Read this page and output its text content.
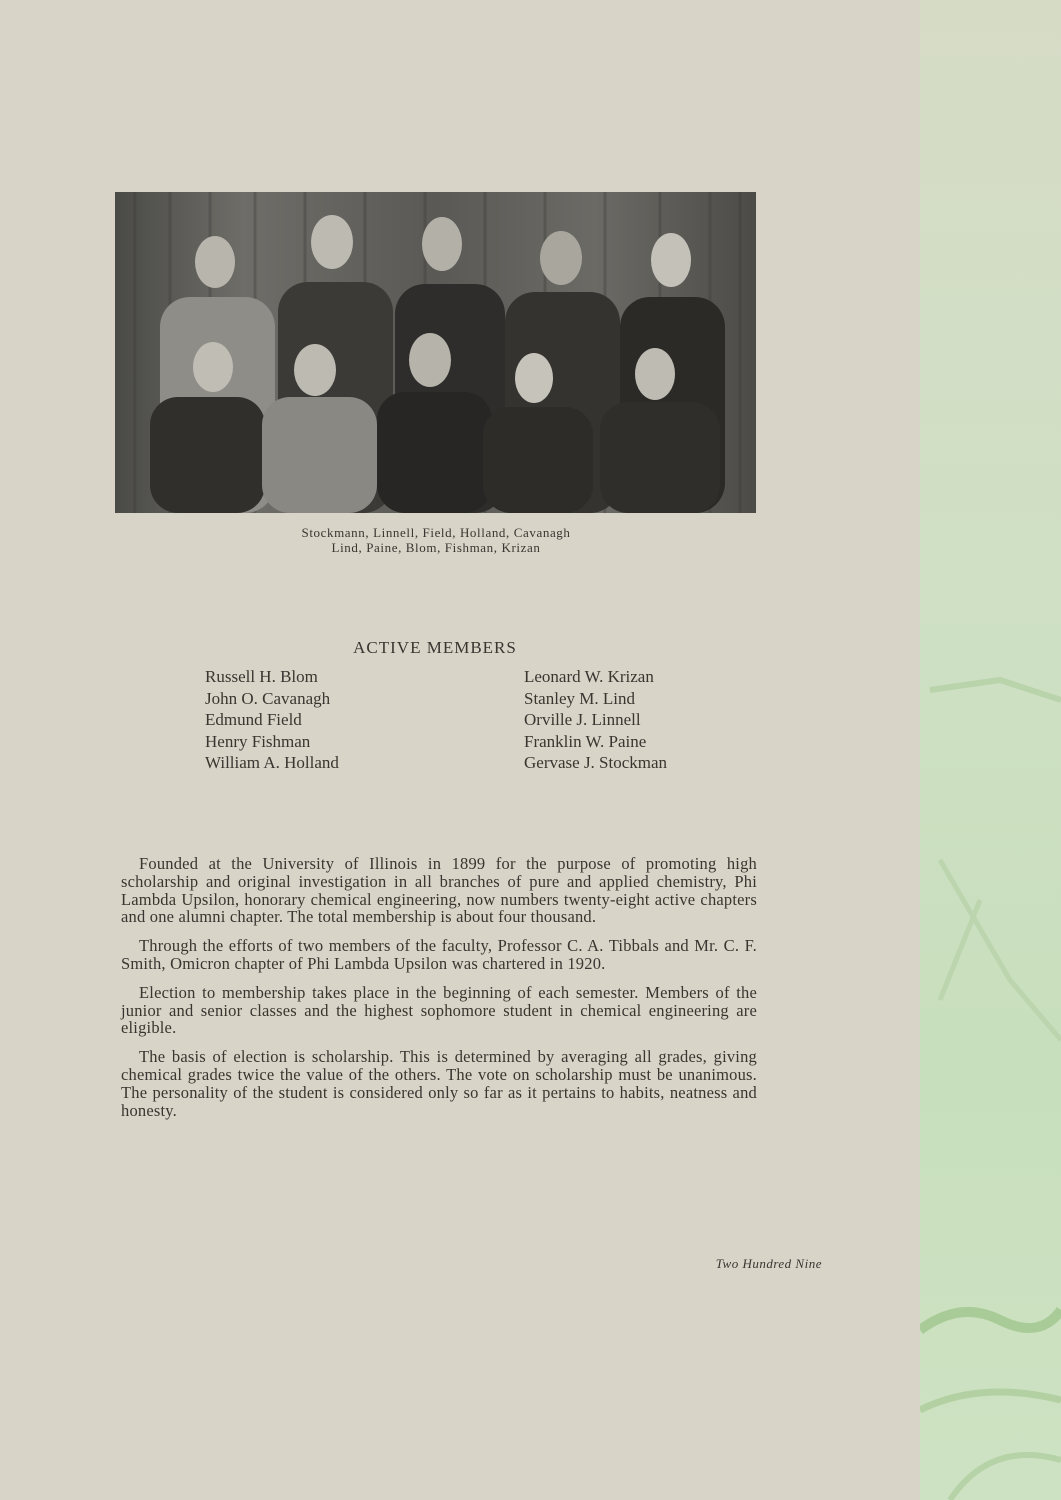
Stockmann, Linnell, Field, Holland, Cavanagh
Lind, Paine, Blom, Fishman, Krizan
ACTIVE MEMBERS
Russell H. Blom
John O. Cavanagh
Edmund Field
Henry Fishman
William A. Holland
Leonard W. Krizan
Stanley M. Lind
Orville J. Linnell
Franklin W. Paine
Gervase J. Stockman

Founded at the University of Illinois in 1899 for the purpose of promoting high scholarship and original investigation in all branches of pure and applied chemistry, Phi Lambda Upsilon, honorary chemical engineering, now numbers twenty-eight active chapters and one alumni chapter. The total membership is about four thousand.

Through the efforts of two members of the faculty, Professor C. A. Tibbals and Mr. C. F. Smith, Omicron chapter of Phi Lambda Upsilon was chartered in 1920.

Election to membership takes place in the beginning of each semester. Members of the junior and senior classes and the highest sophomore student in chemical engineering are eligible.

The basis of election is scholarship. This is determined by averaging all grades, giving chemical grades twice the value of the others. The vote on scholarship must be unanimous. The personality of the student is considered only so far as it pertains to habits, neatness and honesty.

Two Hundred Nine
